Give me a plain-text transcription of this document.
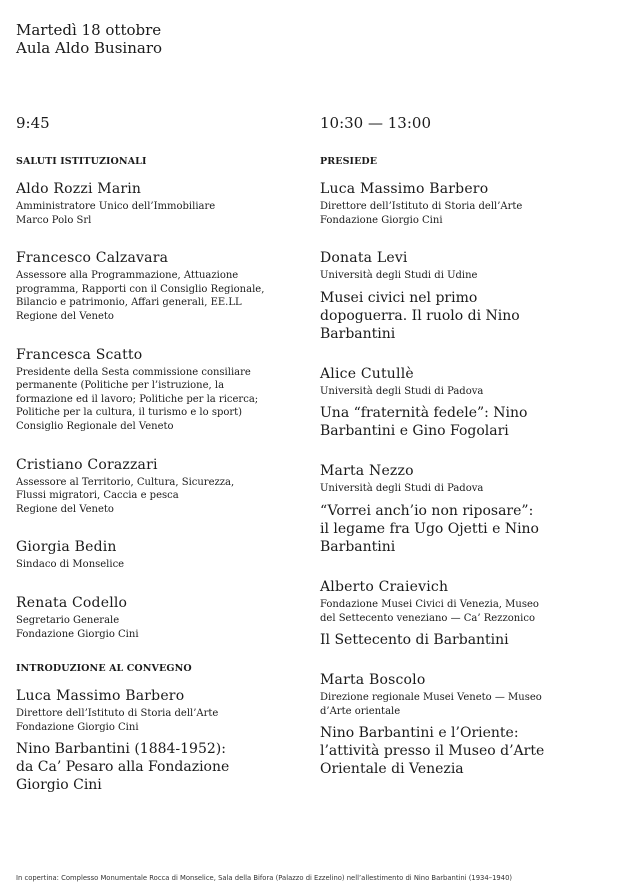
Martedì 18 ottobre
Aula Aldo Businaro
9:45
SALUTI ISTITUZIONALI
Aldo Rozzi Marin
Amministratore Unico dell’Immobiliare
Marco Polo Srl
Francesco Calzavara
Assessore alla Programmazione, Attuazione
programma, Rapporti con il Consiglio Regionale,
Bilancio e patrimonio, Affari generali, EE.LL
Regione del Veneto
Francesca Scatto
Presidente della Sesta commissione consiliare
permanente (Politiche per l’istruzione, la
formazione ed il lavoro; Politiche per la ricerca;
Politiche per la cultura, il turismo e lo sport)
Consiglio Regionale del Veneto
Cristiano Corazzari
Assessore al Territorio, Cultura, Sicurezza,
Flussi migratori, Caccia e pesca
Regione del Veneto
Giorgia Bedin
Sindaco di Monselice
Renata Codello
Segretario Generale
Fondazione Giorgio Cini
INTRODUZIONE AL CONVEGNO
Luca Massimo Barbero
Direttore dell’Istituto di Storia dell’Arte
Fondazione Giorgio Cini
Nino Barbantini (1884-1952):
da Ca’ Pesaro alla Fondazione
Giorgio Cini
10:30 — 13:00
PRESIEDE
Luca Massimo Barbero
Direttore dell’Istituto di Storia dell’Arte
Fondazione Giorgio Cini
Donata Levi
Università degli Studi di Udine
Musei civici nel primo
dopoguerra. Il ruolo di Nino
Barbantini
Alice Cutullè
Università degli Studi di Padova
Una “fraternità fedele”: Nino
Barbantini e Gino Fogolari
Marta Nezzo
Università degli Studi di Padova
“Vorrei anch’io non riposare”:
il legame fra Ugo Ojetti e Nino
Barbantini
Alberto Craievich
Fondazione Musei Civici di Venezia, Museo
del Settecento veneziano — Ca’ Rezzonico
Il Settecento di Barbantini
Marta Boscolo
Direzione regionale Musei Veneto — Museo
d’Arte orientale
Nino Barbantini e l’Oriente:
l’attività presso il Museo d’Arte
Orientale di Venezia
In copertina: Complesso Monumentale Rocca di Monselice, Sala della Bifora (Palazzo di Ezzelino) nell’allestimento di Nino Barbantini (1934–1940)
